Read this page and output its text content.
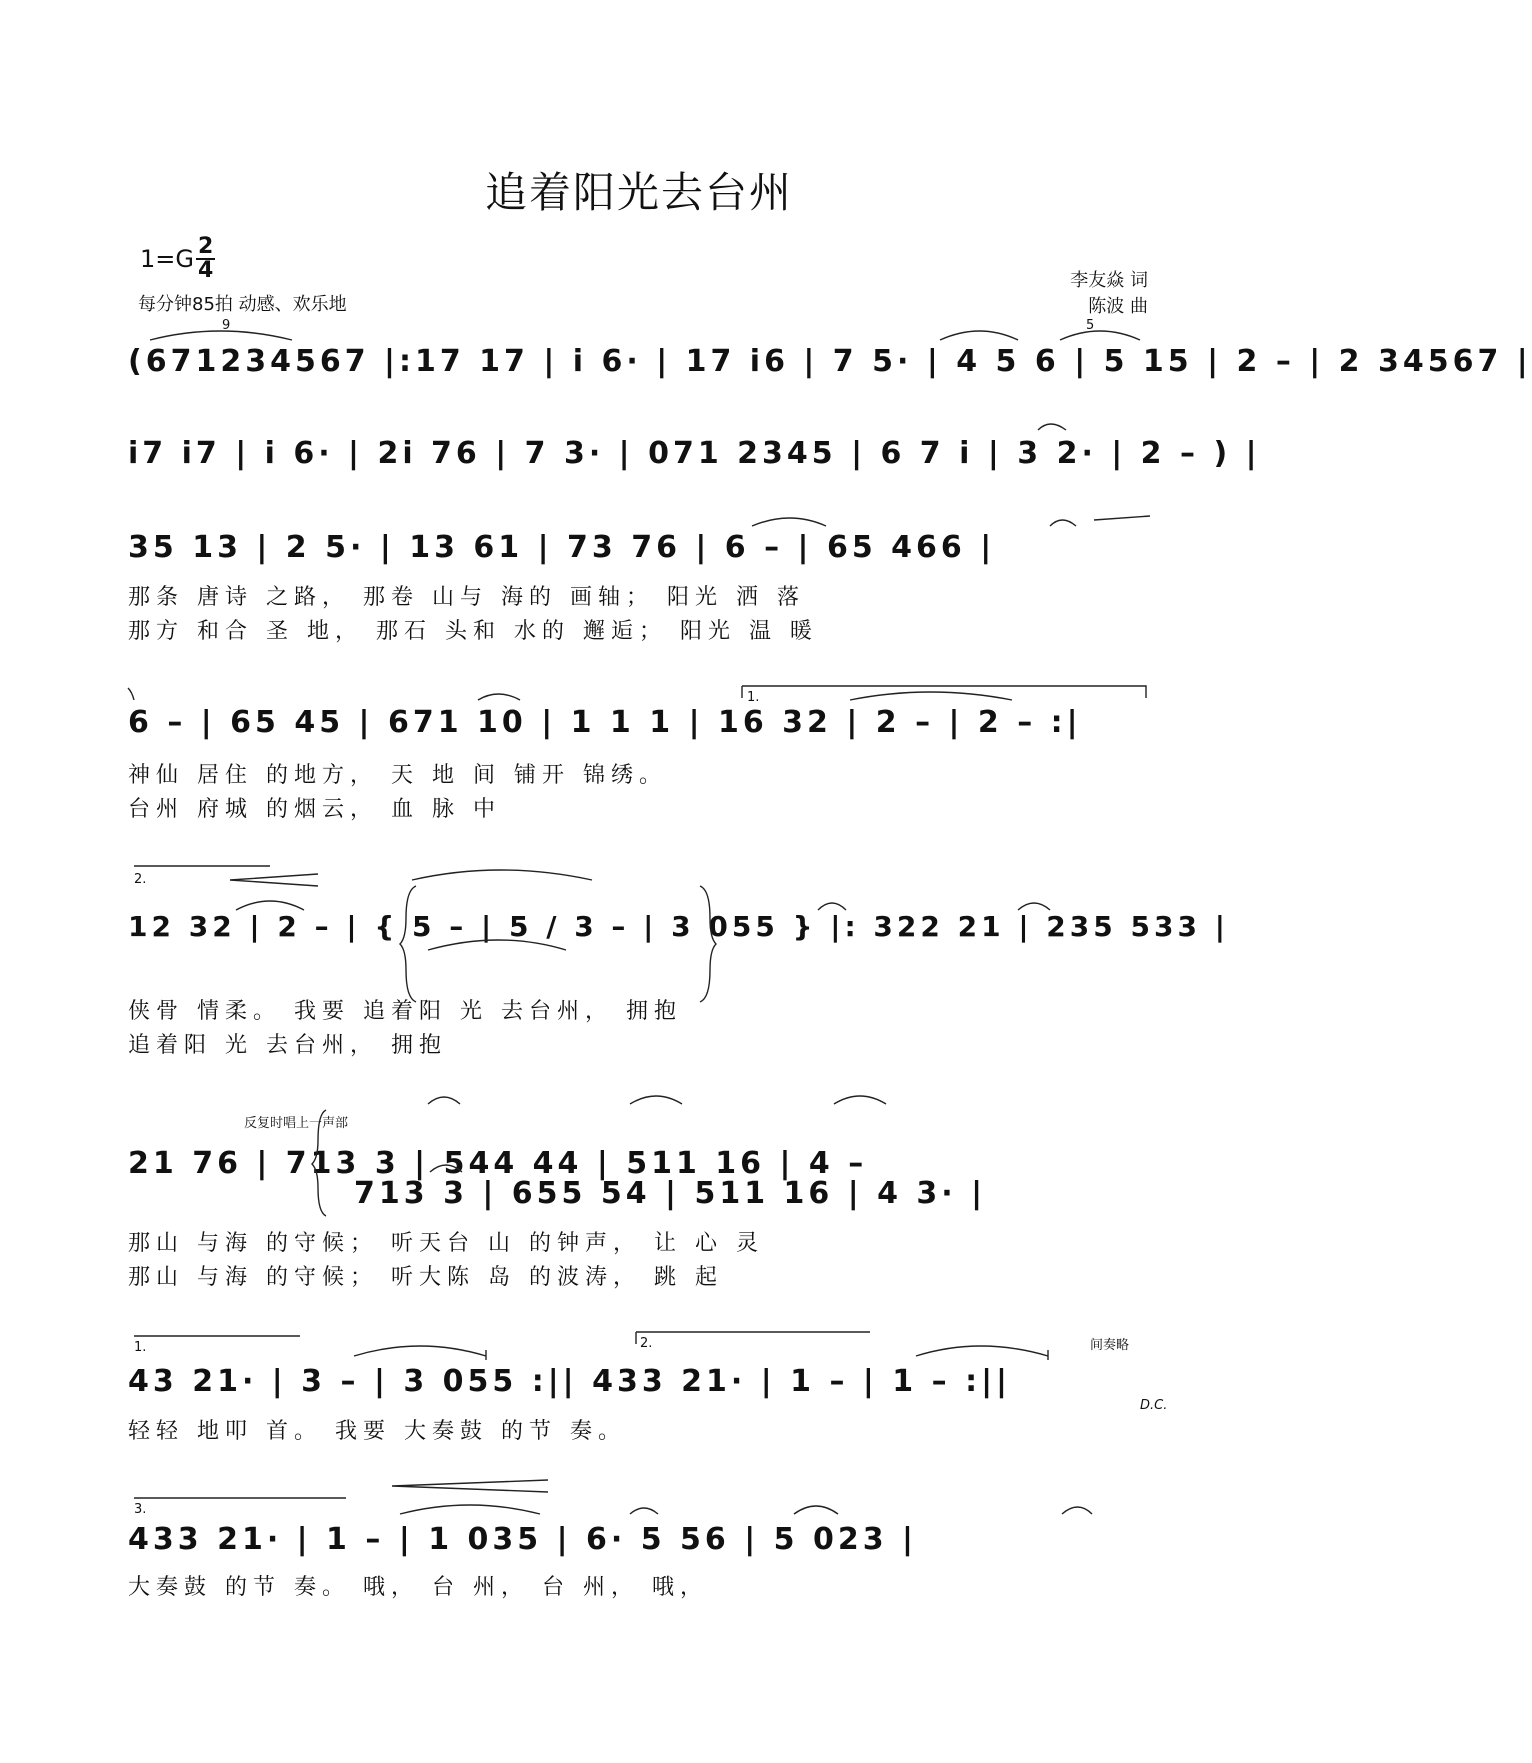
追着阳光去台州
$1=G \frac{2}{4}$
每分钟85拍 动感、欢乐地
李友焱 词
陈波 曲
(671234567 |:17 17 | i 6· | 17 i6 | 7 5· | 4 5 6 | 5 15 | 2 – | 2 34567 |
i7 i7 | i 6· | 2i 76 | 7 3· | 071 2345 | 6 7 i | 3 2· | 2 – ) |
35 13 | 2 5· | 13 61 | 73 76 | 6 – | 65 466 |
那条 唐诗 之路， 那卷 山与 海的 画轴； 阳光 洒 落
那方 和合 圣 地， 那石 头和 水的 邂逅； 阳光 温 暖
6 – | 65 45 | 671 10 | 1 1 1 | 16 32 | 2 – | 2 – :|
1.
神仙 居住 的地方， 天 地 间 铺开 锦绣。
台州 府城 的烟云， 血 脉 中
12 32 | 2 – | { 5 – | 5 / 3 – | 3 055 } |: 322 21 | 235 533 |
2.
侠骨 情柔。 我要 追着阳 光 去台州， 拥抱
追着阳 光 去台州， 拥抱
反复时唱上一声部
21 76 | 713 3 | 544 44 | 511 16 | 4 –
713 3 | 655 54 | 511 16 | 4 3· |
那山 与海 的守候； 听天台 山 的钟声， 让 心 灵
那山 与海 的守候； 听大陈 岛 的波涛， 跳 起
1.	2.	间奏略
43 21· | 3 – | 3 055 :|| 433 21· | 1 – | 1 – :||
D.C.
轻轻 地叩 首。 我要 大奏鼓 的节 奏。
3.
433 21· | 1 – | 1 035 | 6· 5 56 | 5 023 |
大奏鼓 的节 奏。 哦， 台 州， 台 州， 哦，
9	5
